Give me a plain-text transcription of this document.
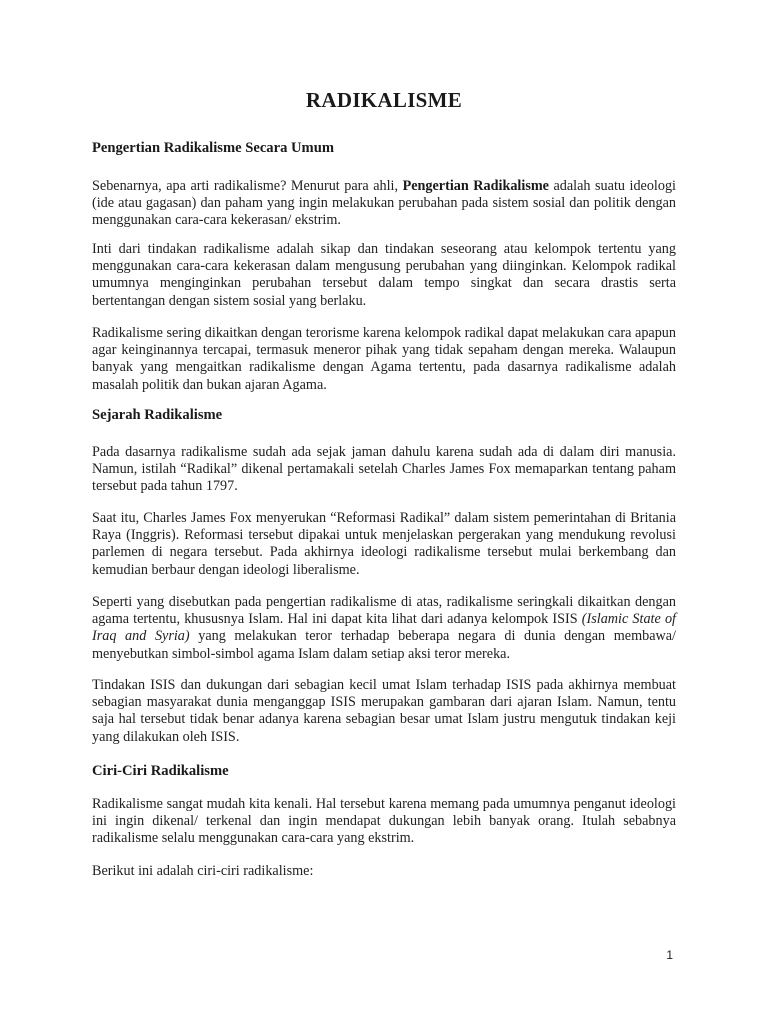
RADIKALISME
Pengertian Radikalisme Secara Umum

Sebenarnya, apa arti radikalisme? Menurut para ahli, Pengertian Radikalisme adalah suatu ideologi (ide atau gagasan) dan paham yang ingin melakukan perubahan pada sistem sosial dan politik dengan menggunakan cara-cara kekerasan/ ekstrim.

Inti dari tindakan radikalisme adalah sikap dan tindakan seseorang atau kelompok tertentu yang menggunakan cara-cara kekerasan dalam mengusung perubahan yang diinginkan. Kelompok radikal umumnya menginginkan perubahan tersebut dalam tempo singkat dan secara drastis serta bertentangan dengan sistem sosial yang berlaku.

Radikalisme sering dikaitkan dengan terorisme karena kelompok radikal dapat melakukan cara apapun agar keinginannya tercapai, termasuk meneror pihak yang tidak sepaham dengan mereka. Walaupun banyak yang mengaitkan radikalisme dengan Agama tertentu, pada dasarnya radikalisme adalah masalah politik dan bukan ajaran Agama.

Sejarah Radikalisme

Pada dasarnya radikalisme sudah ada sejak jaman dahulu karena sudah ada di dalam diri manusia. Namun, istilah “Radikal” dikenal pertamakali setelah Charles James Fox memaparkan tentang paham tersebut pada tahun 1797.

Saat itu, Charles James Fox menyerukan “Reformasi Radikal” dalam sistem pemerintahan di Britania Raya (Inggris). Reformasi tersebut dipakai untuk menjelaskan pergerakan yang mendukung revolusi parlemen di negara tersebut. Pada akhirnya ideologi radikalisme tersebut mulai berkembang dan kemudian berbaur dengan ideologi liberalisme.

Seperti yang disebutkan pada pengertian radikalisme di atas, radikalisme seringkali dikaitkan dengan agama tertentu, khususnya Islam. Hal ini dapat kita lihat dari adanya kelompok ISIS (Islamic State of Iraq and Syria) yang melakukan teror terhadap beberapa negara di dunia dengan membawa/ menyebutkan simbol-simbol agama Islam dalam setiap aksi teror mereka.

Tindakan ISIS dan dukungan dari sebagian kecil umat Islam terhadap ISIS pada akhirnya membuat sebagian masyarakat dunia menganggap ISIS merupakan gambaran dari ajaran Islam. Namun, tentu saja hal tersebut tidak benar adanya karena sebagian besar umat Islam justru mengutuk tindakan keji yang dilakukan oleh ISIS.

Ciri-Ciri Radikalisme

Radikalisme sangat mudah kita kenali. Hal tersebut karena memang pada umumnya penganut ideologi ini ingin dikenal/ terkenal dan ingin mendapat dukungan lebih banyak orang. Itulah sebabnya radikalisme selalu menggunakan cara-cara yang ekstrim.

Berikut ini adalah ciri-ciri radikalisme:

1
